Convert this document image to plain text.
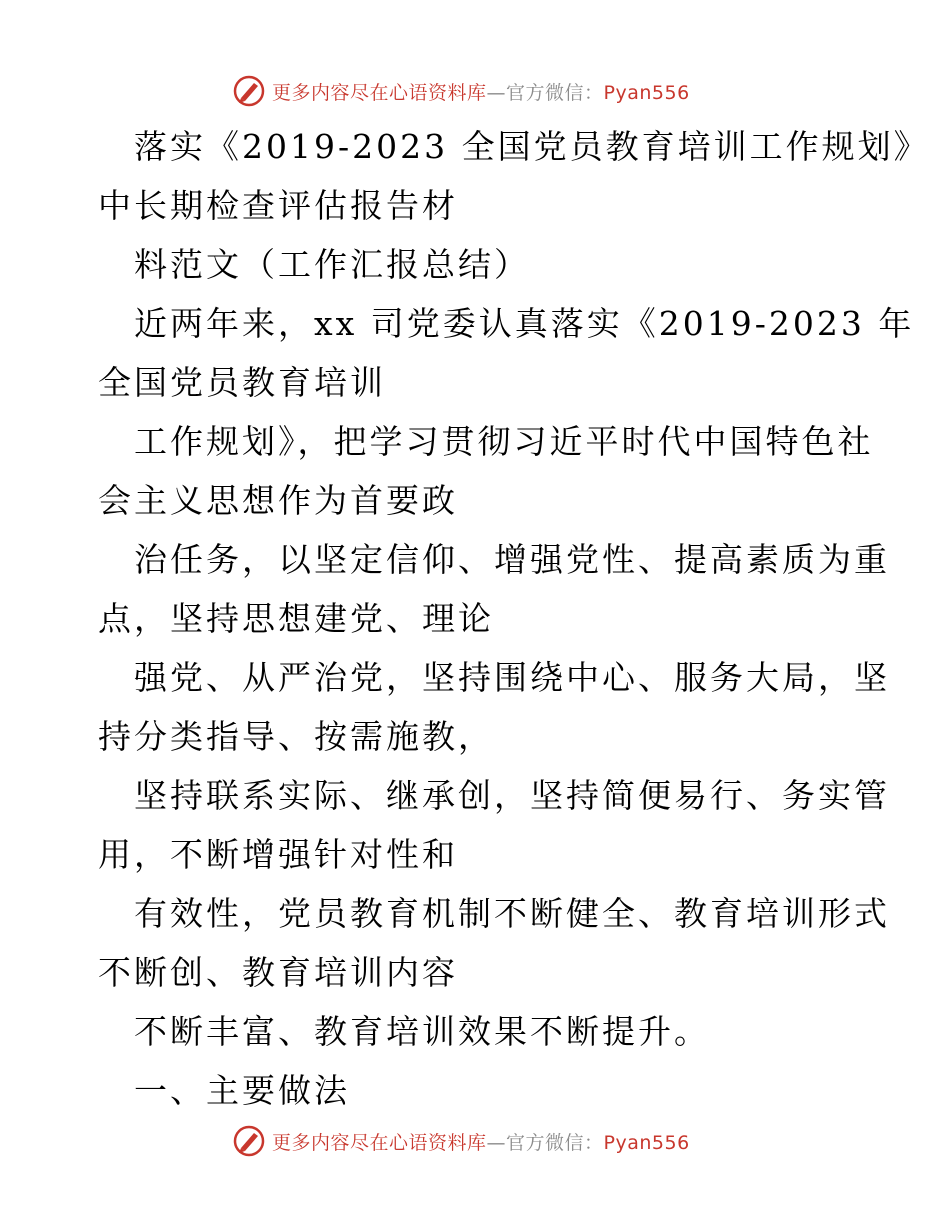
更多内容尽在心语资料库—官方微信：Pyan556
落实《2019-2023 全国党员教育培训工作规划》
中长期检查评估报告材
料范文（工作汇报总结）
近两年来，xx 司党委认真落实《2019-2023 年
全国党员教育培训
工作规划》，把学习贯彻习近平时代中国特色社
会主义思想作为首要政
治任务，以坚定信仰、增强党性、提高素质为重
点，坚持思想建党、理论
强党、从严治党，坚持围绕中心、服务大局，坚
持分类指导、按需施教，
坚持联系实际、继承创，坚持简便易行、务实管
用，不断增强针对性和
有效性，党员教育机制不断健全、教育培训形式
不断创、教育培训内容
不断丰富、教育培训效果不断提升。
一、主要做法
更多内容尽在心语资料库—官方微信：Pyan556
